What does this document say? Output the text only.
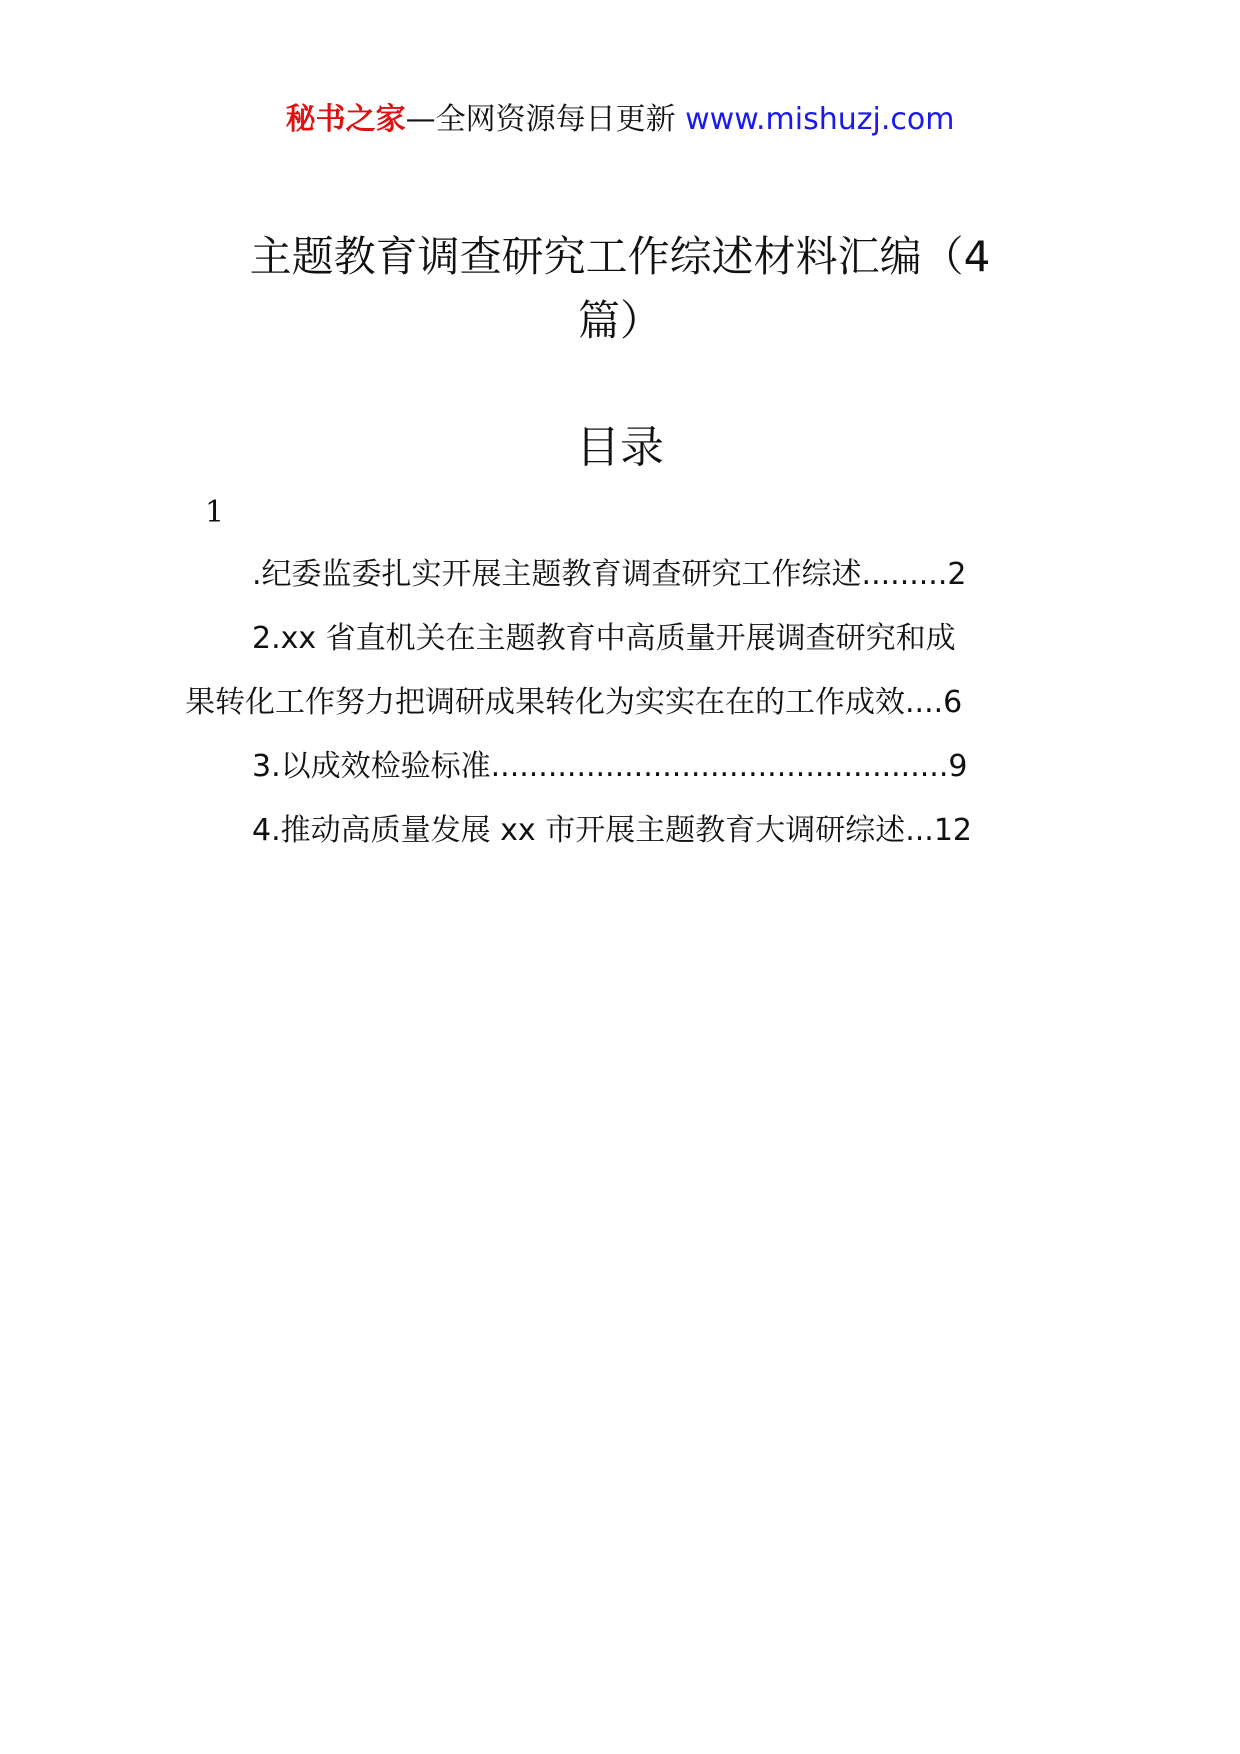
秘书之家—全网资源每日更新 www.mishuzj.com
主题教育调查研究工作综述材料汇编（4
篇）
目录
1
.纪委监委扎实开展主题教育调查研究工作综述.........2
2.xx 省直机关在主题教育中高质量开展调查研究和成
果转化工作努力把调研成果转化为实实在在的工作成效....6
3.以成效检验标准................................................9
4.推动高质量发展 xx 市开展主题教育大调研综述...12
